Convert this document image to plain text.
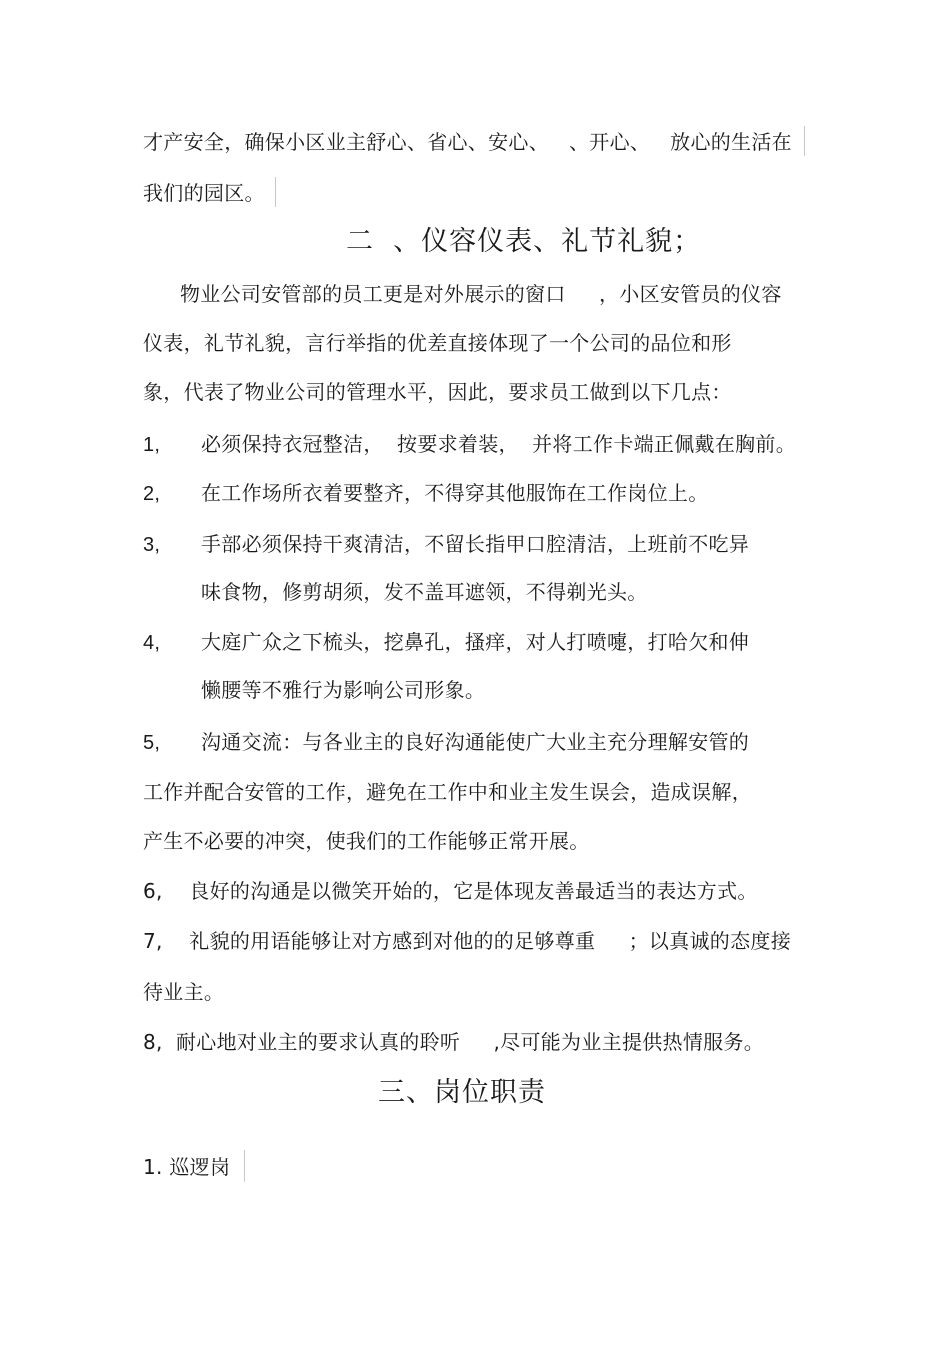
才产安全，确保小区业主舒心、省心、安心、   、开心、   放心的生活在
我们的园区。
二  、仪容仪表、礼节礼貌；
物业公司安管部的员工更是对外展示的窗口     ，小区安管员的仪容
仪表，礼节礼貌，言行举指的优差直接体现了一个公司的品位和形
象，代表了物业公司的管理水平，因此，要求员工做到以下几点：
1, 必须保持衣冠整洁，  按要求着装，  并将工作卡端正佩戴在胸前。
2, 在工作场所衣着要整齐，不得穿其他服饰在工作岗位上。
3, 手部必须保持干爽清洁，不留长指甲口腔清洁，上班前不吃异
味食物，修剪胡须，发不盖耳遮领，不得剃光头。
4, 大庭广众之下梳头，挖鼻孔，搔痒，对人打喷嚏，打哈欠和伸
懒腰等不雅行为影响公司形象。
5, 沟通交流：与各业主的良好沟通能使广大业主充分理解安管的
工作并配合安管的工作，避免在工作中和业主发生误会，造成误解，
产生不必要的冲突，使我们的工作能够正常开展。
6,    良好的沟通是以微笑开始的，它是体现友善最适当的表达方式。
7,    礼貌的用语能够让对方感到对他的的足够尊重     ；以真诚的态度接
待业主。
8,  耐心地对业主的要求认真的聆听     ,尽可能为业主提供热情服务。
三、岗位职责
1. 巡逻岗
